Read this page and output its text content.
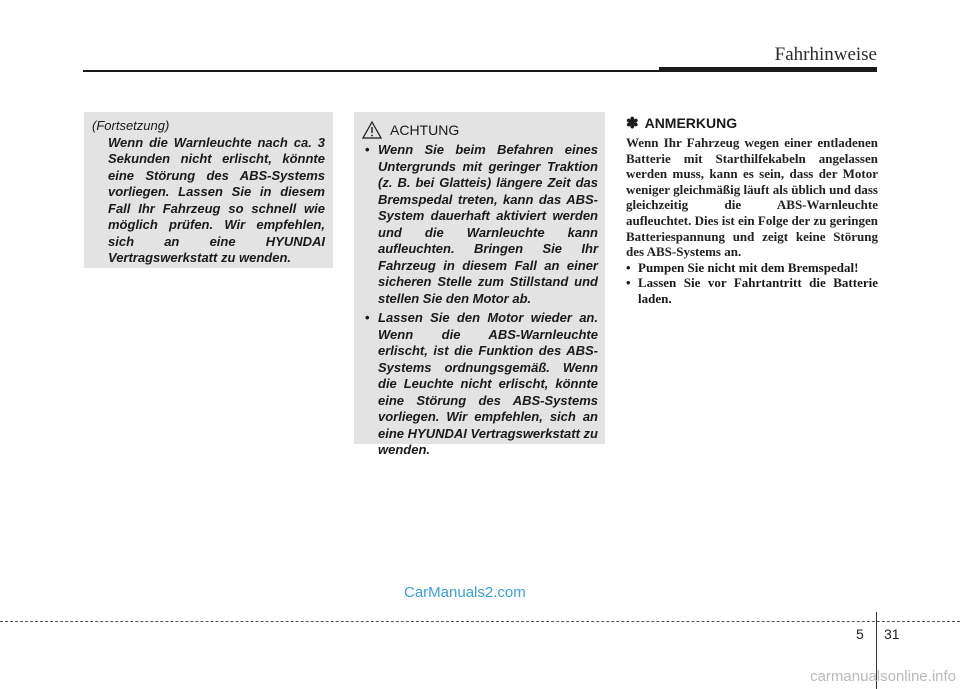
Fahrhinweise
(Fortsetzung)
Wenn die Warnleuchte nach ca. 3 Sekunden nicht erlischt, könnte eine Störung des ABS-Systems vorliegen. Lassen Sie in diesem Fall Ihr Fahrzeug so schnell wie möglich prüfen. Wir empfehlen, sich an eine HYUNDAI Vertragswerkstatt zu wenden.
ACHTUNG
• Wenn Sie beim Befahren eines Untergrunds mit geringer Traktion (z. B. bei Glatteis) längere Zeit das Bremspedal treten, kann das ABS-System dauerhaft aktiviert werden und die Warnleuchte kann aufleuchten. Bringen Sie Ihr Fahrzeug in diesem Fall an einer sicheren Stelle zum Stillstand und stellen Sie den Motor ab.
• Lassen Sie den Motor wieder an. Wenn die ABS-Warnleuchte erlischt, ist die Funktion des ABS-Systems ordnungsgemäß. Wenn die Leuchte nicht erlischt, könnte eine Störung des ABS-Systems vorliegen. Wir empfehlen, sich an eine HYUNDAI Vertragswerkstatt zu wenden.
✽ ANMERKUNG
Wenn Ihr Fahrzeug wegen einer entladenen Batterie mit Starthilfekabeln angelassen werden muss, kann es sein, dass der Motor weniger gleichmäßig läuft als üblich und dass gleichzeitig die ABS-Warnleuchte aufleuchtet. Dies ist ein Folge der zu geringen Batteriespannung und zeigt keine Störung des ABS-Systems an.
• Pumpen Sie nicht mit dem Bremspedal!
• Lassen Sie vor Fahrtantritt die Batterie laden.
CarManuals2.com
5 31
carmanualsonline.info
